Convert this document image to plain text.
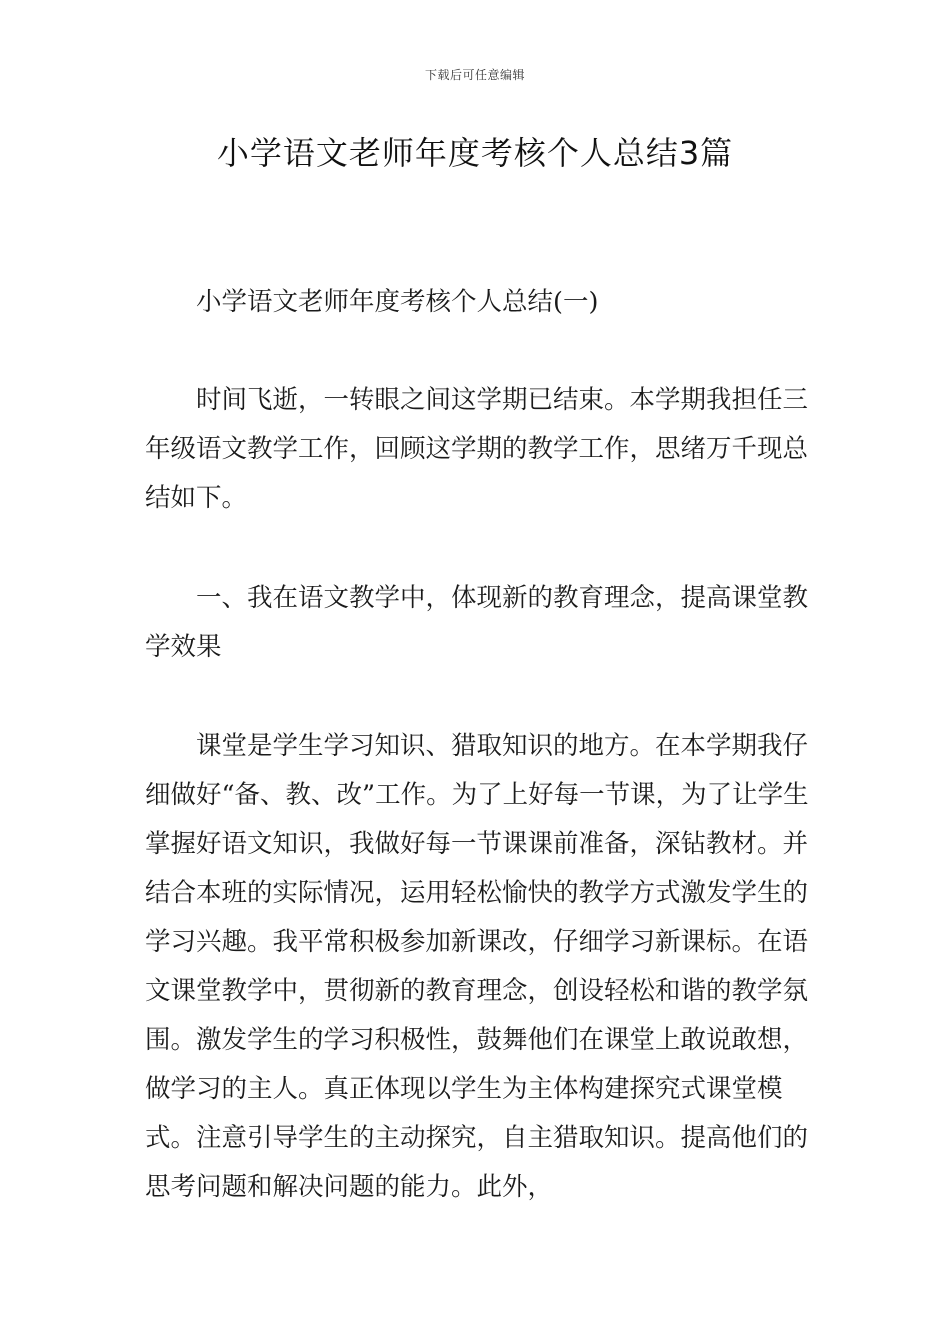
下载后可任意编辑
小学语文老师年度考核个人总结3篇

小学语文老师年度考核个人总结(一)

时间飞逝，一转眼之间这学期已结束。本学期我担任三年级语文教学工作，回顾这学期的教学工作，思绪万千现总结如下。

一、我在语文教学中，体现新的教育理念，提高课堂教学效果

课堂是学生学习知识、猎取知识的地方。在本学期我仔细做好“备、教、改”工作。为了上好每一节课，为了让学生掌握好语文知识，我做好每一节课课前准备，深钻教材。并结合本班的实际情况，运用轻松愉快的教学方式激发学生的学习兴趣。我平常积极参加新课改，仔细学习新课标。在语文课堂教学中，贯彻新的教育理念，创设轻松和谐的教学氛围。激发学生的学习积极性，鼓舞他们在课堂上敢说敢想，做学习的主人。真正体现以学生为主体构建探究式课堂模式。注意引导学生的主动探究，自主猎取知识。提高他们的思考问题和解决问题的能力。此外，
